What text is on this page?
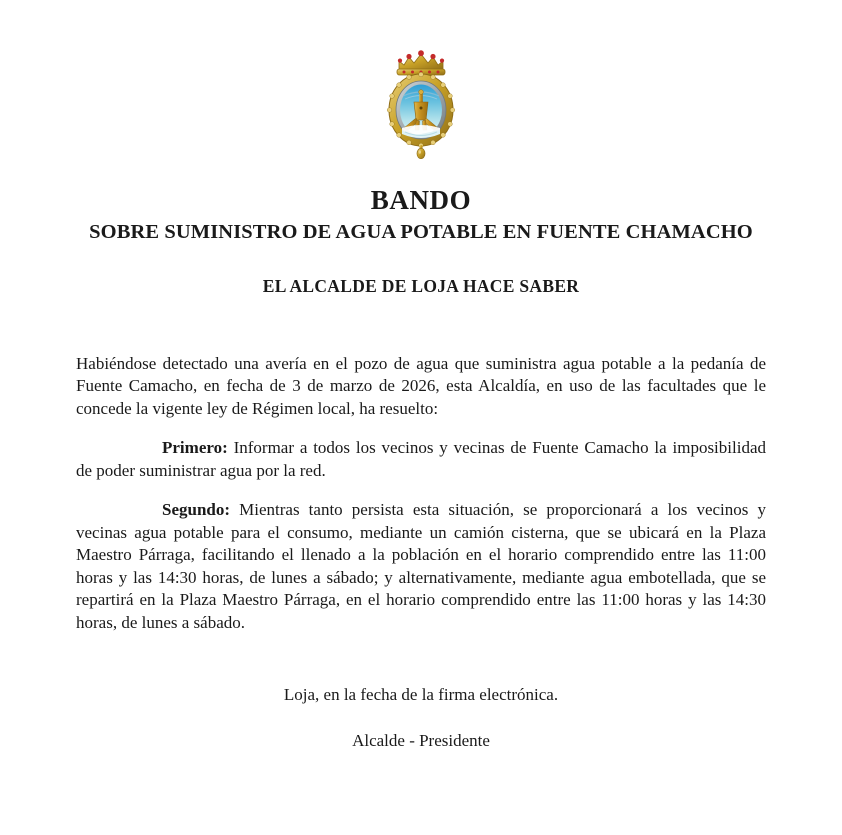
BANDO
SOBRE SUMINISTRO DE AGUA POTABLE EN FUENTE CHAMACHO
EL ALCALDE DE LOJA HACE SABER

Habiéndose detectado una avería en el pozo de agua que suministra agua potable a la pedanía de Fuente Camacho, en fecha de 3 de marzo de 2026, esta Alcaldía, en uso de las facultades que le concede la vigente ley de Régimen local, ha resuelto:

Primero: Informar a todos los vecinos y vecinas de Fuente Camacho la imposibilidad de poder suministrar agua por la red.

Segundo: Mientras tanto persista esta situación, se proporcionará a los vecinos y vecinas agua potable para el consumo, mediante un camión cisterna, que se ubicará en la Plaza Maestro Párraga, facilitando el llenado a la población en el horario comprendido entre las 11:00 horas y las 14:30 horas, de lunes a sábado; y alternativamente, mediante agua embotellada, que se repartirá en la Plaza Maestro Párraga, en el horario comprendido entre las 11:00 horas y las 14:30 horas, de lunes a sábado.

Loja, en la fecha de la firma electrónica.

Alcalde - Presidente
